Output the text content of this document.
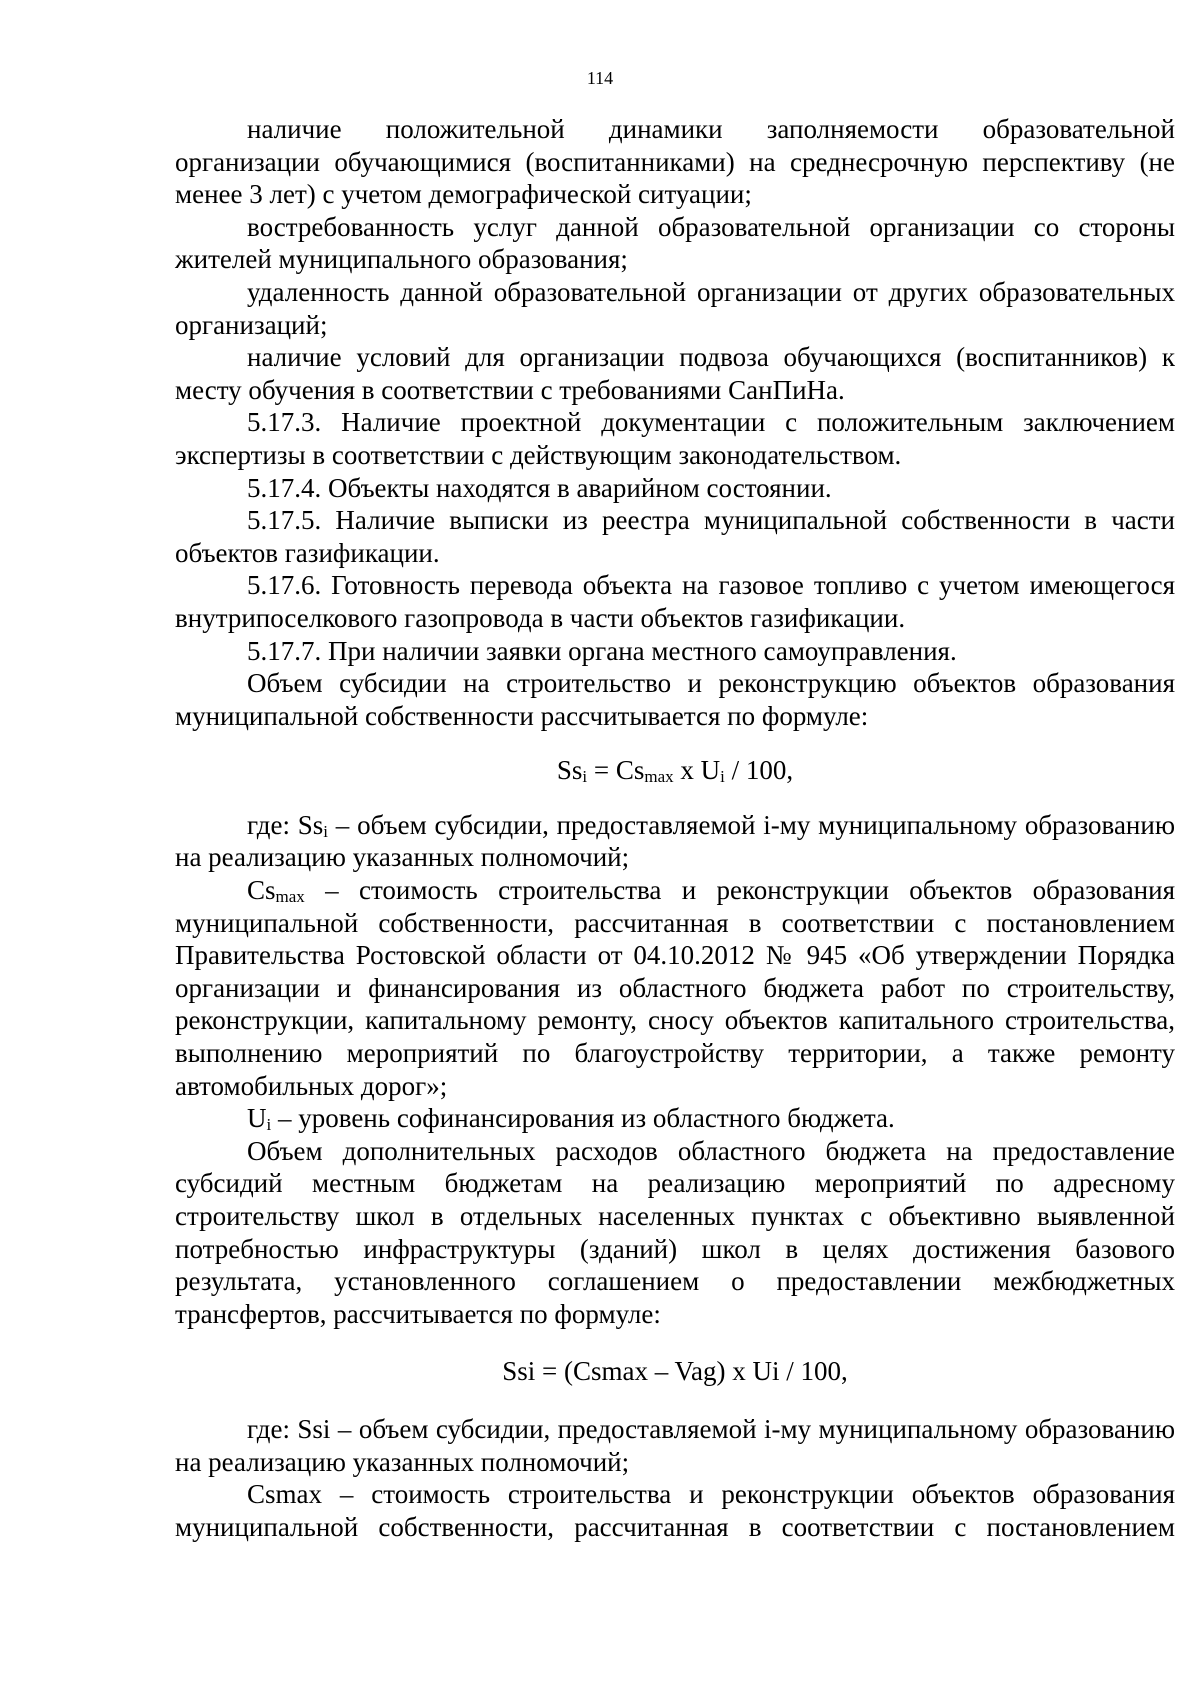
114

наличие положительной динамики заполняемости образовательной организации обучающимися (воспитанниками) на среднесрочную перспективу (не менее 3 лет) с учетом демографической ситуации;

востребованность услуг данной образовательной организации со стороны жителей муниципального образования;

удаленность данной образовательной организации от других образовательных организаций;

наличие условий для организации подвоза обучающихся (воспитанников) к месту обучения в соответствии с требованиями СанПиНа.

5.17.3. Наличие проектной документации с положительным заключением экспертизы в соответствии с действующим законодательством.

5.17.4. Объекты находятся в аварийном состоянии.

5.17.5. Наличие выписки из реестра муниципальной собственности в части объектов газификации.

5.17.6. Готовность перевода объекта на газовое топливо с учетом имеющегося внутрипоселкового газопровода в части объектов газификации.

5.17.7. При наличии заявки органа местного самоуправления.

Объем субсидии на строительство и реконструкцию объектов образования муниципальной собственности рассчитывается по формуле:

$Ss_i = Cs_{max}$ x $U_i / 100$,

где: $Ss_i$ – объем субсидии, предоставляемой i-му муниципальному образованию на реализацию указанных полномочий;

$Cs_{max}$ – стоимость строительства и реконструкции объектов образования муниципальной собственности, рассчитанная в соответствии с постановлением Правительства Ростовской области от 04.10.2012 № 945 «Об утверждении Порядка организации и финансирования из областного бюджета работ по строительству, реконструкции, капитальному ремонту, сносу объектов капитального строительства, выполнению мероприятий по благоустройству территории, а также ремонту автомобильных дорог»;

$U_i$ – уровень софинансирования из областного бюджета.

Объем дополнительных расходов областного бюджета на предоставление субсидий местным бюджетам на реализацию мероприятий по адресному строительству школ в отдельных населенных пунктах с объективно выявленной потребностью инфраструктуры (зданий) школ в целях достижения базового результата, установленного соглашением о предоставлении межбюджетных трансфертов, рассчитывается по формуле:

Ssi = (Csmax – Vag) x Ui / 100,

где: Ssi – объем субсидии, предоставляемой i-му муниципальному образованию на реализацию указанных полномочий;

Csmax – стоимость строительства и реконструкции объектов образования муниципальной собственности, рассчитанная в соответствии с постановлением
